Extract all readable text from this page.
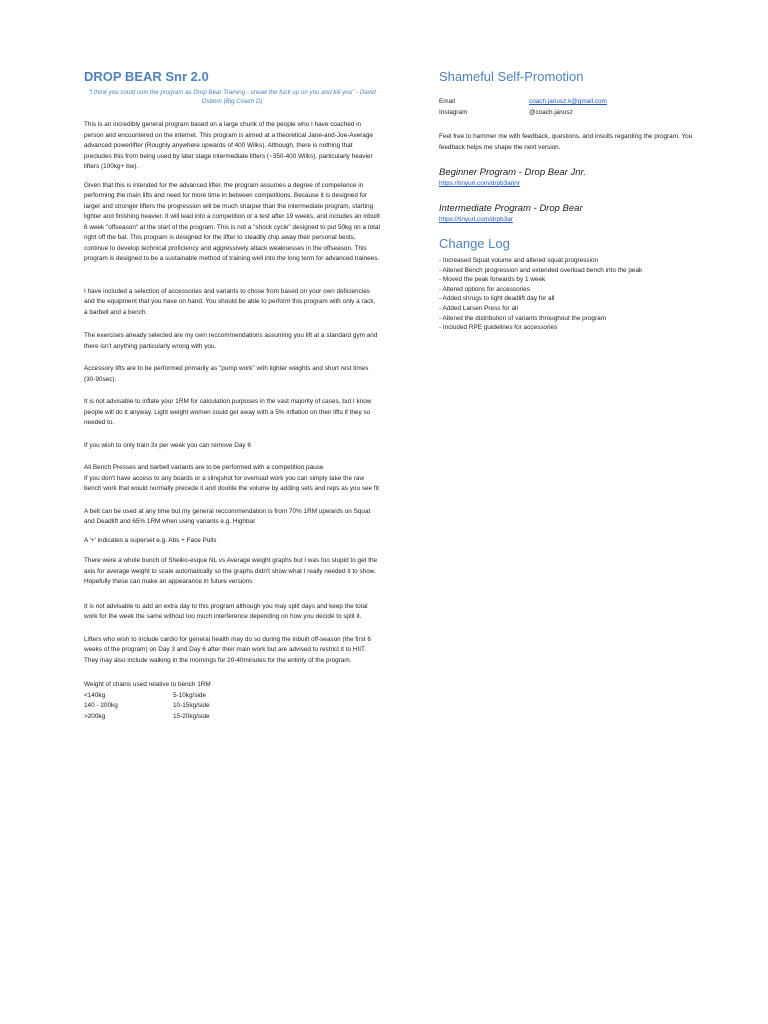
DROP BEAR Snr 2.0

"I think you could coin the program as Drop Bear Training - sneak the fuck up on you and kill you" - David Osborn (Big Coach D)

This is an incredibly general program based on a large chunk of the people who I have coached in person and encountered on the internet. This program is aimed at a theoretical Jane-and-Joe-Average advanced powerlifter (Roughly anywhere upwards of 400 Wilks). Although, there is nothing that precludes this from being used by later stage intermediate lifters (~350-400 Wilks), particularly heavier lifters (100kg+ bw).

Given that this is intended for the advanced lifter, the program assumes a degree of competence in performing the main lifts and need for more time in between competitions. Because it is designed for larger and stronger lifters the progression will be much sharper than the intermediate program, starting lighter and finishing heavier. It will lead into a competition or a test after 19 weeks, and includes an inbuilt 6 week "offseason" at the start of the program. This is not a "shock cycle" designed to put 50kg on a total right off the bat. This program is designed for the lifter to steadily chip away their personal bests, continue to develop technical proficiency and aggressively attack weaknesses in the offseason. This program is designed to be a sustainable method of training well into the long term for advanced trainees.

I have included a selection of accessories and variants to chose from based on your own deficiencies and the equipment that you have on hand. You should be able to perform this program with only a rack, a barbell and a bench.

The exercises already selected are my own reccommendations assuming you lift at a standard gym and there isn't anything particularly wrong with you.

Accessory lifts are to be performed primarily as "pump work" with lighter weights and short rest times (30-90sec).

It is not advisable to inflate your 1RM for calculation purposes in the vast majority of cases, but I know people will do it anyway. Light weight women could get away with a 5% inflation on their lifts if they so needed to.

If you wish to only train 3x per week you can remove Day 6

All Bench Presses and barbell variants are to be performed with a competition pause

If you don't have access to any boards or a slingshot for overload work you can simply take the raw bench work that would normally precede it and double the volume by adding sets and reps as you see fit

A belt can be used at any time but my general reccommendation is from 70% 1RM upwards on Squat and Deadlift and 65% 1RM when using variants e.g. Highbar

A '+' indicates a superset e.g. Abs + Face Pulls

There were a whole bunch of Sheiko-esque NL vs Average weight graphs but I was too stupid to get the axis for average weight to scale automatically so the graphs didn't show what I really needed it to show. Hopefully these can make an appearance in future versions

It is not advisable to add an extra day to this program although you may split days and keep the total work for the week the same without too much interference depending on how you decide to split it.

Lifters who wish to include cardio for general health may do so during the inbuilt off-season (the first 6 weeks of the program) on Day 3 and Day 6 after their main work but are advised to restrict it to HIIT. They may also include walking in the mornings for 20-40minutes for the entirity of the program.

Weight of chains used relative to bench 1RM

<140kg	5-10kg/side
140 - 200kg	10-15kg/side
>200kg	15-20kg/side
Shameful Self-Promotion
Email	coach.janusz.k@gmail.com
Instagram	@coach.janusz

Feel free to hammer me with feedback, questions, and insults regarding the program. You feedback helps me shape the next version.

Beginner Program - Drop Bear Jnr.

https://tinyurl.com/drpb3arjnr

Intermediate Program - Drop Bear

https://tinyurl.com/drpb3ar
Change Log
- Increased Squat volume and altered squat progression
- Altered Bench progression and extended overload bench into the peak
- Moved the peak forwards by 1 week
- Altered options for accessories
- Added shrugs to light deadlift day for all
- Added Larsen Press for all
- Altered the distribution of variants throughout the program
- Included RPE guidelines for accessories
